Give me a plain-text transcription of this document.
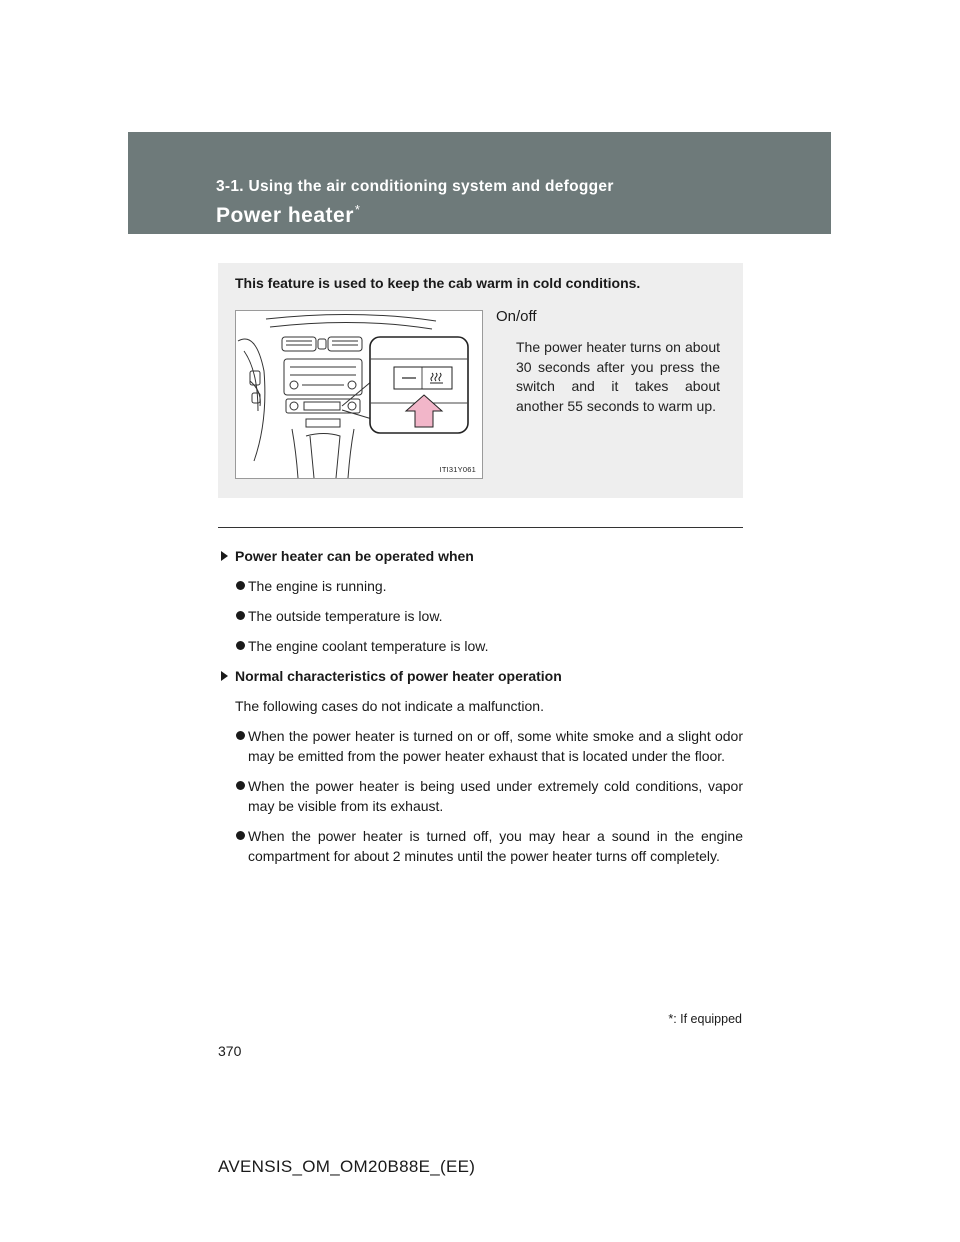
3-1. Using the air conditioning system and defogger
Power heater*
This feature is used to keep the cab warm in cold conditions.
ITI31Y061
On/off
The power heater turns on about 30 seconds after you press the switch and it takes about another 55 seconds to warm up.
Power heater can be operated when
The engine is running.
The outside temperature is low.
The engine coolant temperature is low.
Normal characteristics of power heater operation
The following cases do not indicate a malfunction.
When the power heater is turned on or off, some white smoke and a slight odor may be emitted from the power heater exhaust that is located under the floor.
When the power heater is being used under extremely cold conditions, vapor may be visible from its exhaust.
When the power heater is turned off, you may hear a sound in the engine compartment for about 2 minutes until the power heater turns off completely.
*: If equipped
370
AVENSIS_OM_OM20B88E_(EE)
